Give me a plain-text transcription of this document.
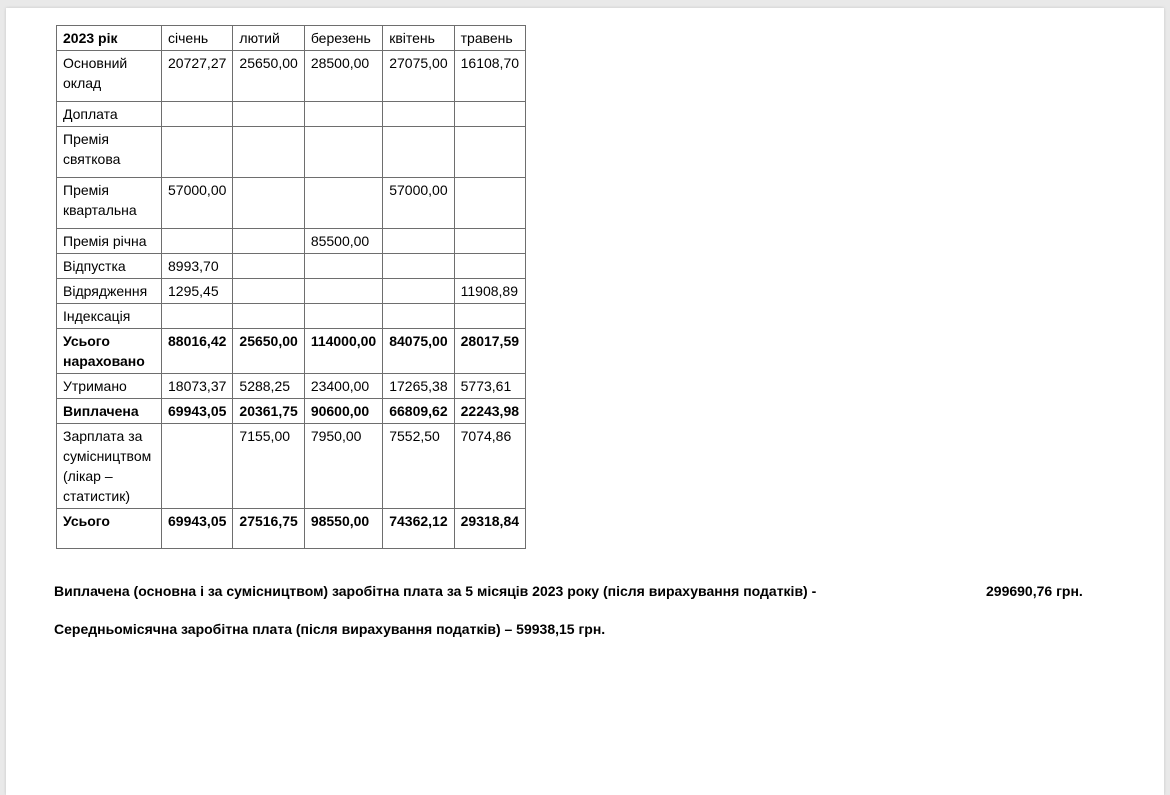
2023 рік	січень	лютий	березень	квітень	травень
Основний оклад	20727,27	25650,00	28500,00	27075,00	16108,70
Доплата					
Премія святкова					
Премія квартальна	57000,00			57000,00	
Премія річна			85500,00		
Відпустка	8993,70				
Відрядження	1295,45				11908,89
Індексація					
Усього нараховано	88016,42	25650,00	114000,00	84075,00	28017,59
Утримано	18073,37	5288,25	23400,00	17265,38	5773,61
Виплачена	69943,05	20361,75	90600,00	66809,62	22243,98
Зарплата за сумісництвом (лікар – статистик)		7155,00	7950,00	7552,50	7074,86
Усього	69943,05	27516,75	98550,00	74362,12	29318,84
Виплачена (основна і за сумісництвом) заробітна плата за 5 місяців 2023 року (після вирахування податків) -	299690,76 грн.
Середньомісячна заробітна плата (після вирахування податків) – 59938,15 грн.
